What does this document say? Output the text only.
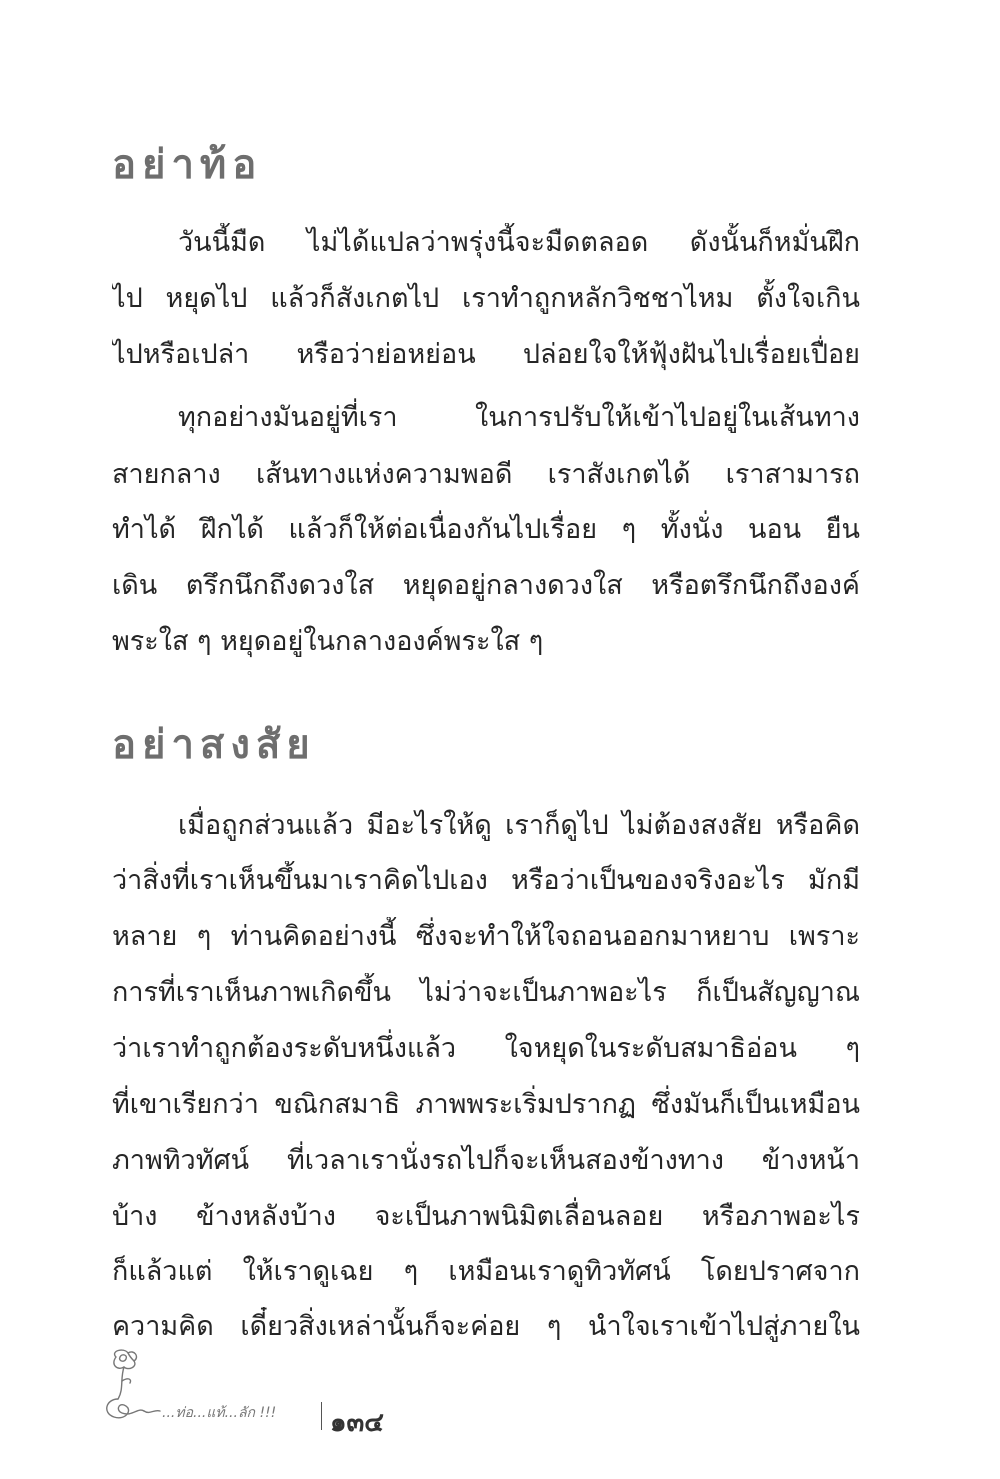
อย่าท้อ

วันนี้มืด ไม่ได้แปลว่าพรุ่งนี้จะมืดตลอด ดังนั้นก็หมั่นฝึก

ไป หยุดไป แล้วก็สังเกตไป เราทำถูกหลักวิชชาไหม ตั้งใจเกิน

ไปหรือเปล่า หรือว่าย่อหย่อน ปล่อยใจให้ฟุ้งฝันไปเรื่อยเปื่อย

ทุกอย่างมันอยู่ที่เรา ในการปรับให้เข้าไปอยู่ในเส้นทาง

สายกลาง เส้นทางแห่งความพอดี เราสังเกตได้ เราสามารถ

ทำได้ ฝึกได้ แล้วก็ให้ต่อเนื่องกันไปเรื่อย ๆ ทั้งนั่ง นอน ยืน

เดิน ตรึกนึกถึงดวงใส หยุดอยู่กลางดวงใส หรือตรึกนึกถึงองค์

พระใส ๆ หยุดอยู่ในกลางองค์พระใส ๆ

อย่าสงสัย

เมื่อถูกส่วนแล้ว มีอะไรให้ดู เราก็ดูไป ไม่ต้องสงสัย หรือคิด

ว่าสิ่งที่เราเห็นขึ้นมาเราคิดไปเอง หรือว่าเป็นของจริงอะไร มักมี

หลาย ๆ ท่านคิดอย่างนี้ ซึ่งจะทำให้ใจถอนออกมาหยาบ เพราะ

การที่เราเห็นภาพเกิดขึ้น ไม่ว่าจะเป็นภาพอะไร ก็เป็นสัญญาณ

ว่าเราทำถูกต้องระดับหนึ่งแล้ว ใจหยุดในระดับสมาธิอ่อน ๆ

ที่เขาเรียกว่า ขณิกสมาธิ ภาพพระเริ่มปรากฏ ซึ่งมันก็เป็นเหมือน

ภาพทิวทัศน์ ที่เวลาเรานั่งรถไปก็จะเห็นสองข้างทาง ข้างหน้า

บ้าง ข้างหลังบ้าง จะเป็นภาพนิมิตเลื่อนลอย หรือภาพอะไร

ก็แล้วแต่ ให้เราดูเฉย ๆ เหมือนเราดูทิวทัศน์ โดยปราศจาก

ความคิด เดี๋ยวสิ่งเหล่านั้นก็จะค่อย ๆ นำใจเราเข้าไปสู่ภายใน

...ท่อ...แท้...ลัก !!! ๑๓๔
